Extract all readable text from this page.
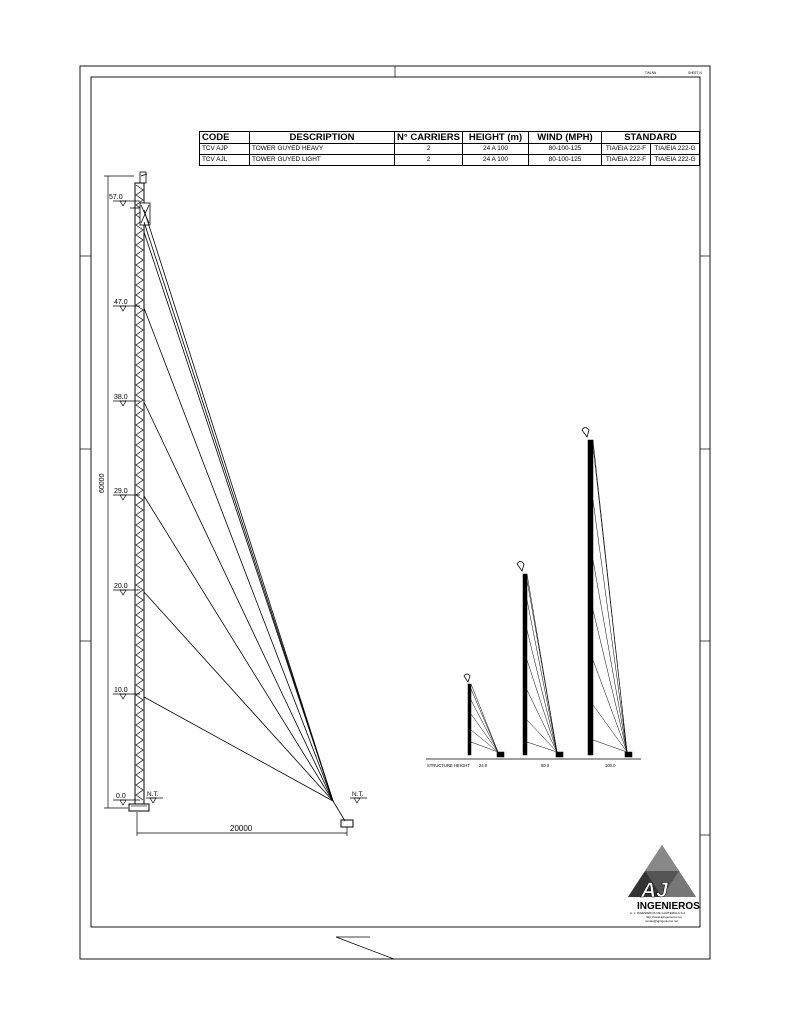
TWLNN	SHEET N
57.0
47.0
38.0
29.0
20.0
10.0
0.0
60000
N.T.	N.T.
20000
STRUCTURE HEIGHT 24.0	60.0	100.0
AJ
INGENIEROS
A. J. INGENIEROS DE GUATEMALA S.A.
http://www.ajingenieros.net
ventas@ajingenieros.net
CODE	DESCRIPTION	N° CARRIERS	HEIGHT (m)	WIND (MPH)	STANDARD	
TCV AJP	TOWER GUYED HEAVY	2	24 A 100	80-100-125	TIA/EIA 222-F	TIA/EIA 222-G
TCV AJL	TOWER GUYED LIGHT	2	24 A 100	80-100-125	TIA/EIA 222-F	TIA/EIA 222-G
